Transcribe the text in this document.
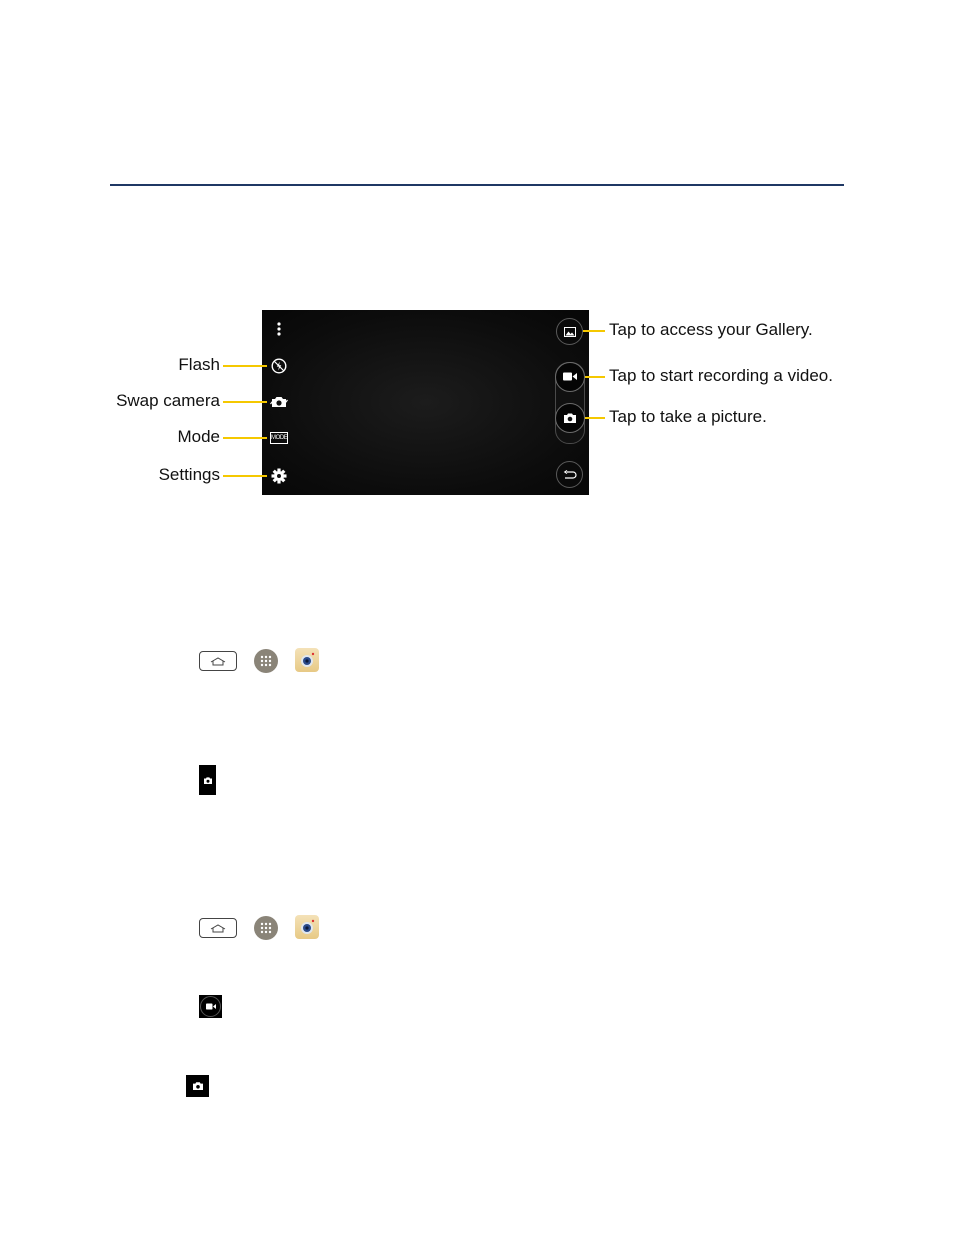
MODE
Flash
Swap camera
Mode
Settings
Tap to access your Gallery.
Tap to start recording a video.
Tap to take a picture.
